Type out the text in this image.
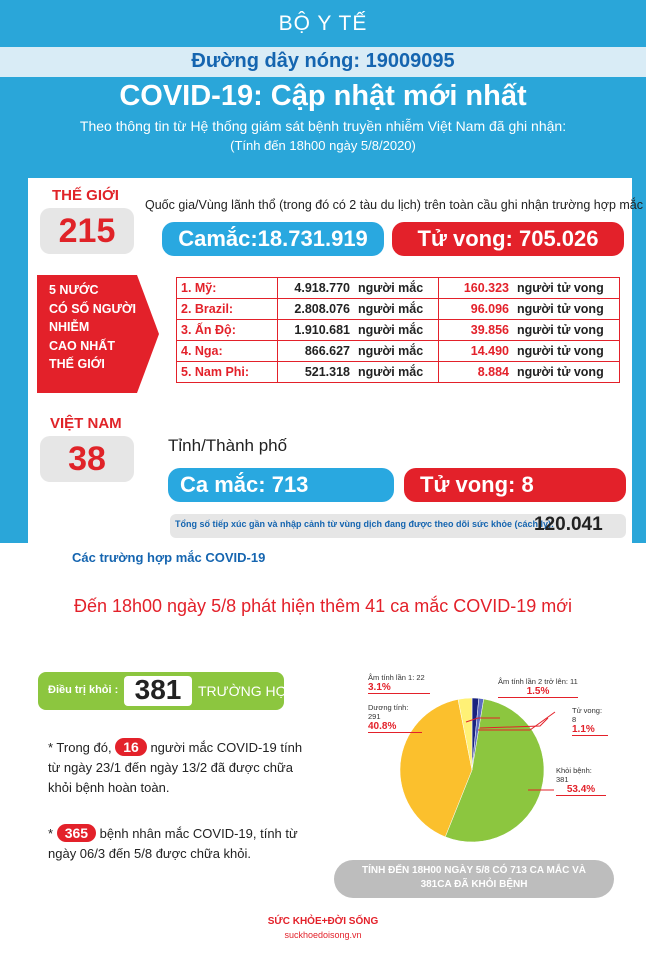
BỘ Y TẾ
Đường dây nóng: 19009095
COVID-19: Cập nhật mới nhất
Theo thông tin từ Hệ thống giám sát bệnh truyền nhiễm Việt Nam đã ghi nhận:
(Tính đến 18h00 ngày 5/8/2020)
THẾ GIỚI
215
Quốc gia/Vùng lãnh thổ (trong đó có 2 tàu du lịch) trên toàn cầu ghi nhận trường hợp mắc
Camắc:18.731.919	Tử vong: 705.026
5 NƯỚC
CÓ SỐ NGƯỜI
NHIỄM
CAO NHẤT
THẾ GIỚI
1. Mỹ:	4.918.770	người mắc	160.323	người tử vong
2. Brazil:	2.808.076	người mắc	96.096	người tử vong
3. Ấn Độ:	1.910.681	người mắc	39.856	người tử vong
4. Nga:	866.627	người mắc	14.490	người tử vong
5. Nam Phi:	521.318	người mắc	8.884	người tử vong
VIỆT NAM
38	Tỉnh/Thành phố
Ca mắc: 713	Tử vong: 8
Tổng số tiếp xúc gần và nhập cảnh từ vùng dịch đang được theo dõi sức khỏe (cách ly):
120.041
Các trường hợp mắc COVID-19
Đến 18h00 ngày 5/8 phát hiện thêm 41 ca mắc COVID-19 mới
Điều trị khỏi : 381	TRƯỜNG HỢP
* Trong đó, 16 người mắc COVID-19 tính
từ ngày 23/1 đến ngày 13/2 đã được chữa
khỏi bệnh hoàn toàn.
* 365 bệnh nhân mắc COVID-19, tính từ
ngày 06/3 đến 5/8 được chữa khỏi.
Âm tính lần 1: 22
3.1%
Âm tính lần 2 trở lên: 11
1.5%
Dương tính: 291
40.8%
Tử vong: 8
1.1%
Khỏi bệnh: 381
53.4%
TÍNH ĐẾN 18H00 NGÀY 5/8 CÓ 713 CA MẮC VÀ
381CA ĐÃ KHỎI BỆNH
SỨC KHỎE+ĐỜI SỐNG
suckhoedoisong.vn
